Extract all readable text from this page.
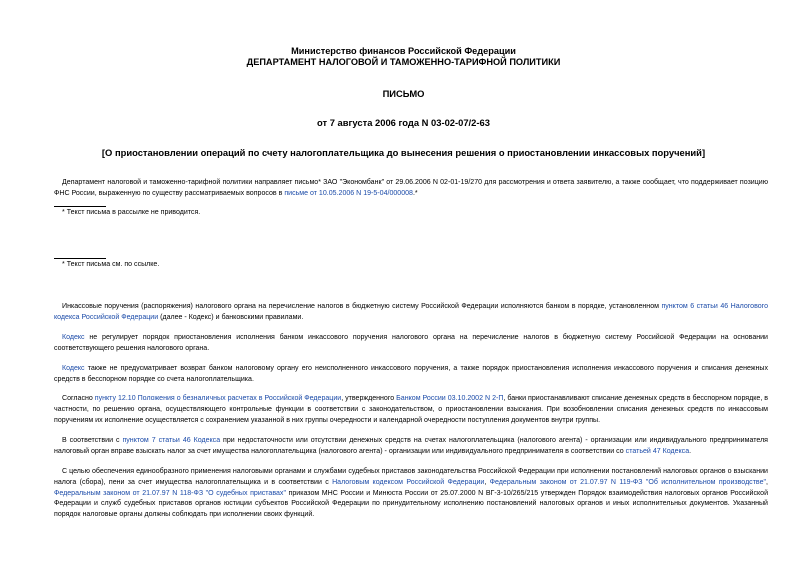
Министерство финансов Российской Федерации
ДЕПАРТАМЕНТ НАЛОГОВОЙ И ТАМОЖЕННО-ТАРИФНОЙ ПОЛИТИКИ
ПИСЬМО
от 7 августа 2006 года N 03-02-07/2-63
[О приостановлении операций по счету налогоплательщика до вынесения решения о приостановлении инкассовых поручений]
Департамент налоговой и таможенно-тарифной политики направляет письмо* ЗАО "Экономбанк" от 29.06.2006 N 02-01-19/270 для рассмотрения и ответа заявителю, а также сообщает, что поддерживает позицию ФНС России, выраженную по существу рассматриваемых вопросов в письме от 10.05.2006 N 19-5-04/000008.*
* Текст письма в рассылке не приводится.
* Текст письма см. по ссылке.
Инкассовые поручения (распоряжения) налогового органа на перечисление налогов в бюджетную систему Российской Федерации исполняются банком в порядке, установленном пунктом 6 статьи 46 Налогового кодекса Российской Федерации (далее - Кодекс) и банковскими правилами.
Кодекс не регулирует порядок приостановления исполнения банком инкассового поручения налогового органа на перечисление налогов в бюджетную систему Российской Федерации на основании соответствующего решения налогового органа.
Кодекс также не предусматривает возврат банком налоговому органу его неисполненного инкассового поручения, а также порядок приостановления исполнения инкассового поручения и списания денежных средств в бесспорном порядке со счета налогоплательщика.
Согласно пункту 12.10 Положения о безналичных расчетах в Российской Федерации, утвержденного Банком России 03.10.2002 N 2-П, банки приостанавливают списание денежных средств в бесспорном порядке, в частности, по решению органа, осуществляющего контрольные функции в соответствии с законодательством, о приостановлении взыскания. При возобновлении списания денежных средств по инкассовым поручениям их исполнение осуществляется с сохранением указанной в них группы очередности и календарной очередности поступления документов внутри группы.
В соответствии с пунктом 7 статьи 46 Кодекса при недостаточности или отсутствии денежных средств на счетах налогоплательщика (налогового агента) - организации или индивидуального предпринимателя налоговый орган вправе взыскать налог за счет имущества налогоплательщика (налогового агента) - организации или индивидуального предпринимателя в соответствии со статьей 47 Кодекса.
С целью обеспечения единообразного применения налоговыми органами и службами судебных приставов законодательства Российской Федерации при исполнении постановлений налоговых органов о взыскании налога (сбора), пени за счет имущества налогоплательщика и в соответствии с Налоговым кодексом Российской Федерации, Федеральным законом от 21.07.97 N 119-ФЗ "Об исполнительном производстве", Федеральным законом от 21.07.97 N 118-ФЗ "О судебных приставах" приказом МНС России и Минюста России от 25.07.2000 N ВГ-3-10/265/215 утвержден Порядок взаимодействия налоговых органов Российской Федерации и служб судебных приставов органов юстиции субъектов Российской Федерации по принудительному исполнению постановлений налоговых органов и иных исполнительных документов. Указанный порядок налоговые органы должны соблюдать при исполнении своих функций.
